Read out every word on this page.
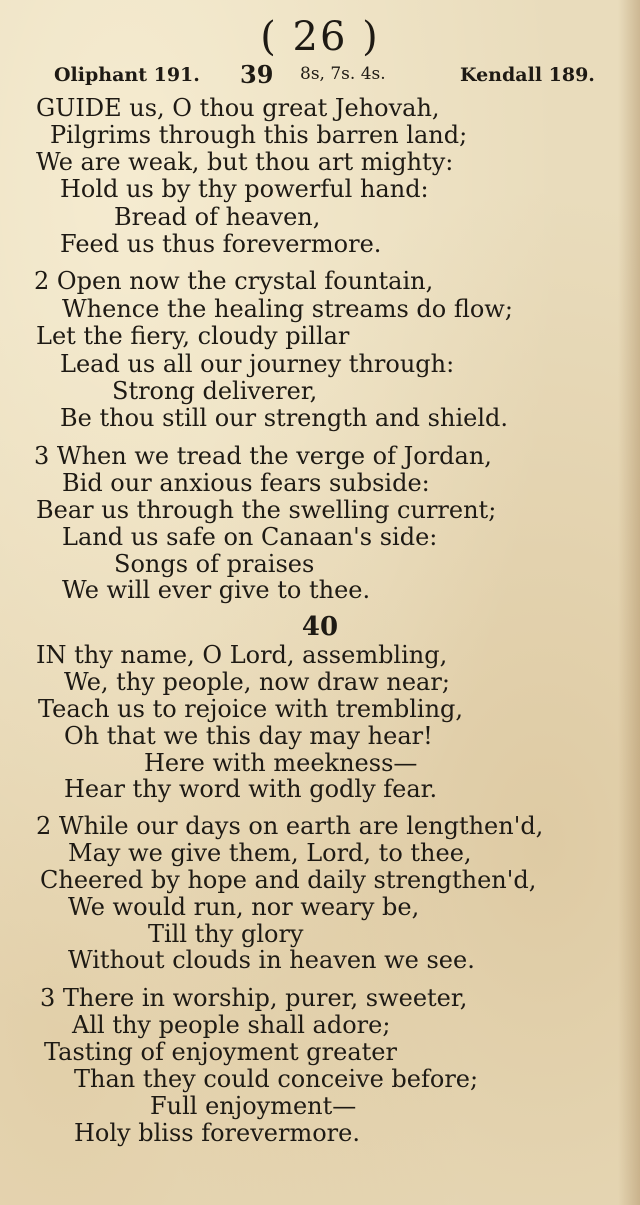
( 26 )
Oliphant 191. 39 8s, 7s. 4s.	Kendall 189.
GUIDE us, O thou great Jehovah,
Pilgrims through this barren land;
We are weak, but thou art mighty:
Hold us by thy powerful hand:
Bread of heaven,
Feed us thus forevermore.
2 Open now the crystal fountain,
Whence the healing streams do flow;
Let the fiery, cloudy pillar
Lead us all our journey through:
Strong deliverer,
Be thou still our strength and shield.
3 When we tread the verge of Jordan,
Bid our anxious fears subside:
Bear us through the swelling current;
Land us safe on Canaan's side:
Songs of praises
We will ever give to thee.
40
IN thy name, O Lord, assembling,
We, thy people, now draw near;
Teach us to rejoice with trembling,
Oh that we this day may hear!
Here with meekness—
Hear thy word with godly fear.
2 While our days on earth are lengthen'd,
May we give them, Lord, to thee,
Cheered by hope and daily strengthen'd,
We would run, nor weary be,
Till thy glory
Without clouds in heaven we see.
3 There in worship, purer, sweeter,
All thy people shall adore;
Tasting of enjoyment greater
Than they could conceive before;
Full enjoyment—
Holy bliss forevermore.
